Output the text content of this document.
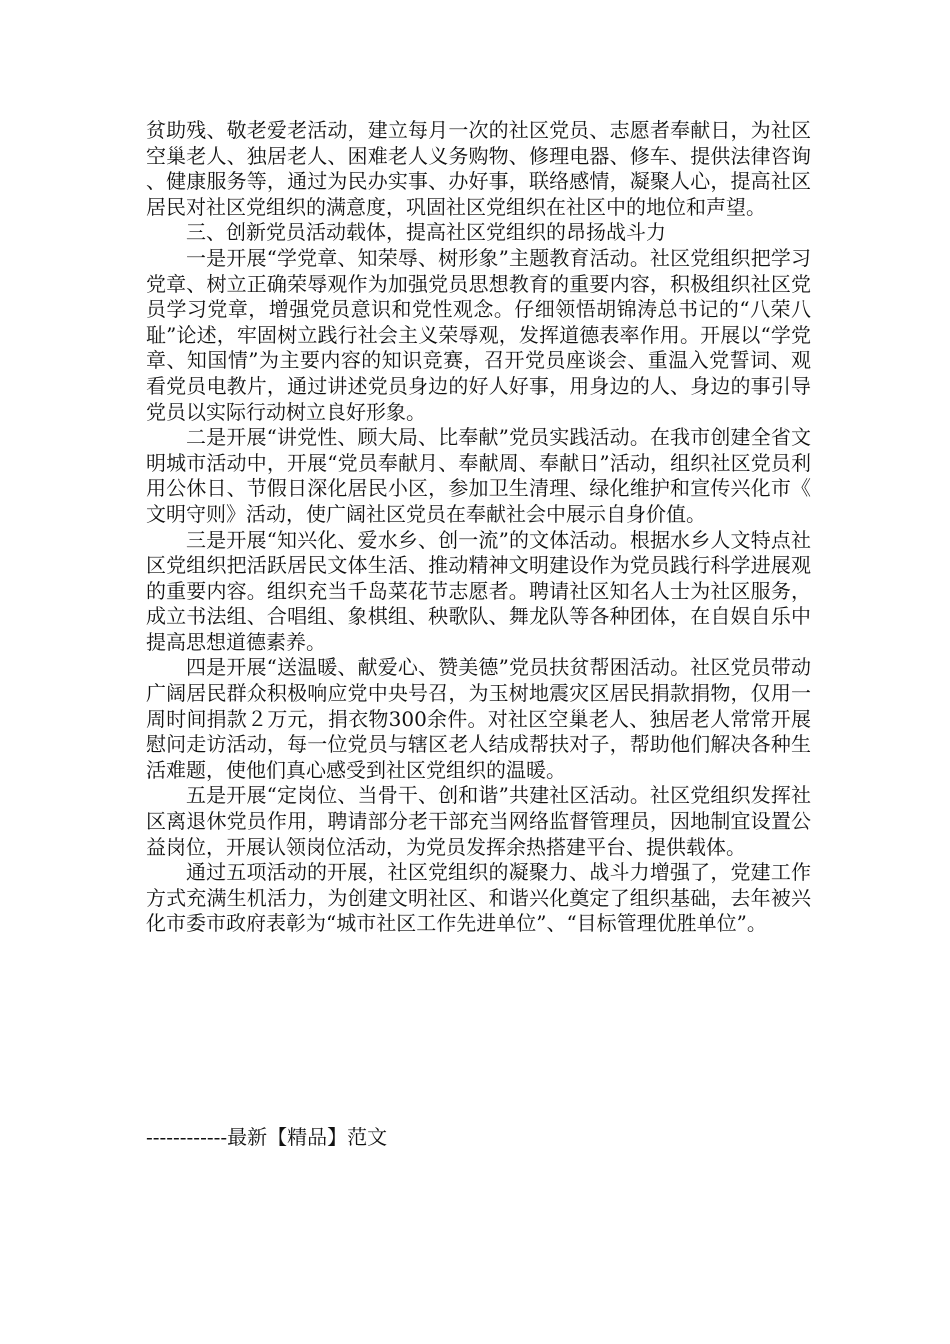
贫助残、敬老爱老活动，建立每月一次的社区党员、志愿者奉献日，为社区空巢老人、独居老人、困难老人义务购物、修理电器、修车、提供法律咨询、健康服务等，通过为民办实事、办好事，联络感情，凝聚人心，提高社区居民对社区党组织的满意度，巩固社区党组织在社区中的地位和声望。

三、创新党员活动载体，提高社区党组织的昂扬战斗力

一是开展“学党章、知荣辱、树形象”主题教育活动。社区党组织把学习党章、树立正确荣辱观作为加强党员思想教育的重要内容，积极组织社区党员学习党章，增强党员意识和党性观念。仔细领悟胡锦涛总书记的“八荣八耻”论述，牢固树立践行社会主义荣辱观，发挥道德表率作用。开展以“学党章、知国情”为主要内容的知识竞赛，召开党员座谈会、重温入党誓词、观看党员电教片，通过讲述党员身边的好人好事，用身边的人、身边的事引导党员以实际行动树立良好形象。

二是开展“讲党性、顾大局、比奉献”党员实践活动。在我市创建全省文明城市活动中，开展“党员奉献月、奉献周、奉献日”活动，组织社区党员利用公休日、节假日深化居民小区，参加卫生清理、绿化维护和宣传兴化市《文明守则》活动，使广阔社区党员在奉献社会中展示自身价值。

三是开展“知兴化、爱水乡、创一流”的文体活动。根据水乡人文特点社区党组织把活跃居民文体生活、推动精神文明建设作为党员践行科学进展观的重要内容。组织充当千岛菜花节志愿者。聘请社区知名人士为社区服务，成立书法组、合唱组、象棋组、秧歌队、舞龙队等各种团体，在自娱自乐中提高思想道德素养。

四是开展“送温暖、献爱心、赞美德”党员扶贫帮困活动。社区党员带动广阔居民群众积极响应党中央号召，为玉树地震灾区居民捐款捐物，仅用一周时间捐款２万元，捐衣物300余件。对社区空巢老人、独居老人常常开展慰问走访活动，每一位党员与辖区老人结成帮扶对子，帮助他们解决各种生活难题，使他们真心感受到社区党组织的温暖。

五是开展“定岗位、当骨干、创和谐”共建社区活动。社区党组织发挥社区离退休党员作用，聘请部分老干部充当网络监督管理员，因地制宜设置公益岗位，开展认领岗位活动，为党员发挥余热搭建平台、提供载体。

通过五项活动的开展，社区党组织的凝聚力、战斗力增强了，党建工作方式充满生机活力，为创建文明社区、和谐兴化奠定了组织基础，去年被兴化市委市政府表彰为“城市社区工作先进单位”、“目标管理优胜单位”。

------------最新【精品】范文
